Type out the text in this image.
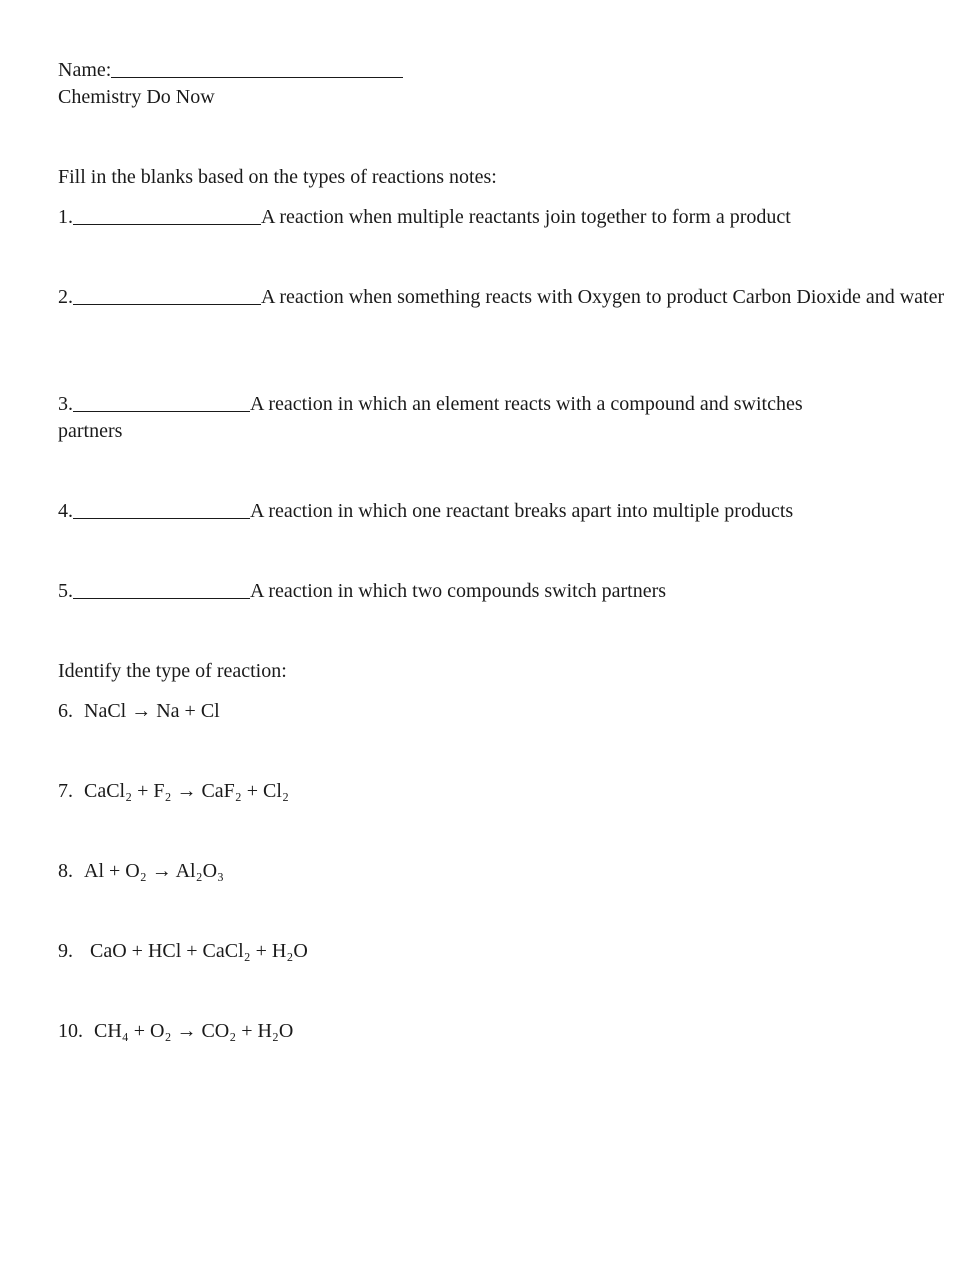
Name:
Chemistry Do Now
Fill in the blanks based on the types of reactions notes:
1.	A reaction when multiple reactants join together to form a product
2.	A reaction when something reacts with Oxygen to product Carbon Dioxide and water
3.	A reaction in which an element reacts with a compound and switches partners
4.	A reaction in which one reactant breaks apart into multiple products
5.	A reaction in which two compounds switch partners
Identify the type of reaction:
6. NaCl → Na + Cl
7. CaCl₂ + F₂ → CaF₂ + Cl₂
8. Al + O₂ → Al₂O₃
9. CaO + HCl + CaCl₂ + H₂O
10. CH₄ + O₂ → CO₂ + H₂O
